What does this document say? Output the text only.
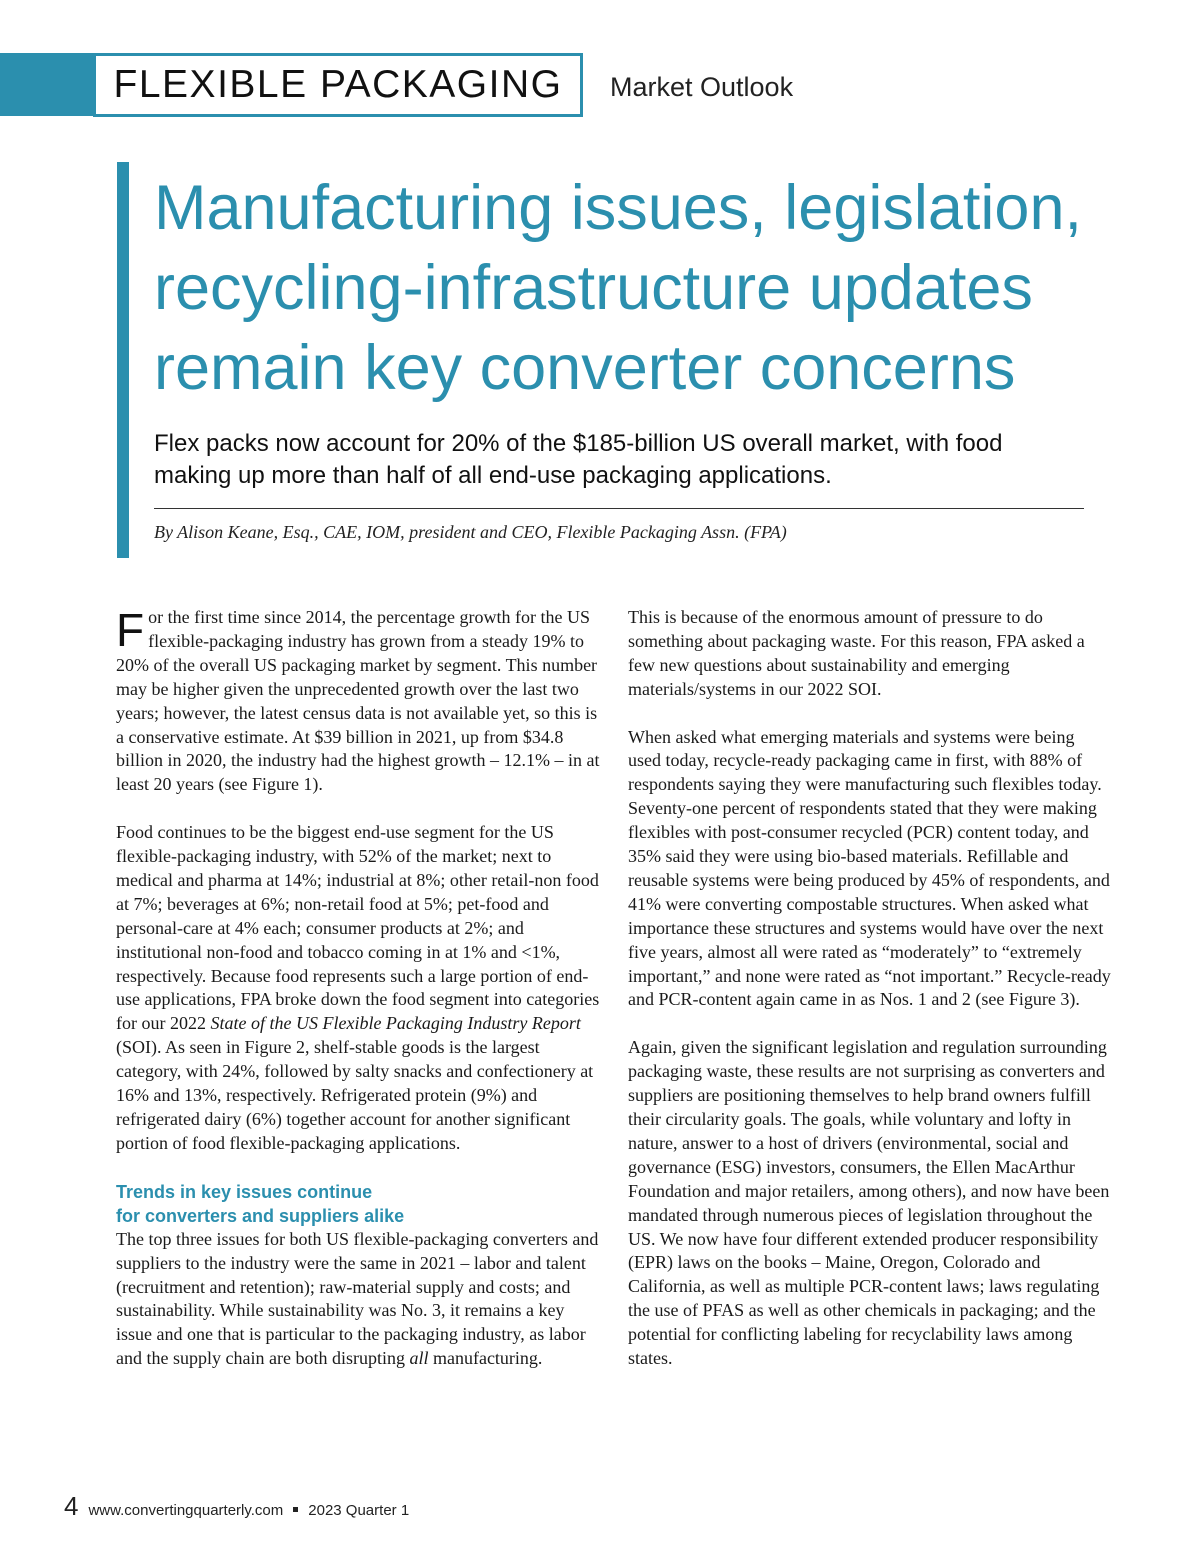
FLEXIBLE PACKAGING	Market Outlook
Manufacturing issues, legislation, recycling-infrastructure updates remain key converter concerns

Flex packs now account for 20% of the $185-billion US overall market, with food making up more than half of all end-use packaging applications.

By Alison Keane, Esq., CAE, IOM, president and CEO, Flexible Packaging Assn. (FPA)

For the first time since 2014, the percentage growth for the US flexible-packaging industry has grown from a steady 19% to 20% of the overall US packaging market by segment. This number may be higher given the unprecedented growth over the last two years; however, the latest census data is not available yet, so this is a conservative estimate. At $39 billion in 2021, up from $34.8 billion in 2020, the industry had the highest growth – 12.1% – in at least 20 years (see Figure 1).

Food continues to be the biggest end-use segment for the US flexible-packaging industry, with 52% of the market; next to medical and pharma at 14%; industrial at 8%; other retail-non food at 7%; beverages at 6%; non-retail food at 5%; pet-food and personal-care at 4% each; consumer products at 2%; and institutional non-food and tobacco coming in at 1% and <1%, respectively. Because food represents such a large portion of end-use applications, FPA broke down the food segment into categories for our 2022 State of the US Flexible Packaging Industry Report (SOI). As seen in Figure 2, shelf-stable goods is the largest category, with 24%, followed by salty snacks and confectionery at 16% and 13%, respectively. Refrigerated protein (9%) and refrigerated dairy (6%) together account for another significant portion of food flexible-packaging applications.

Trends in key issues continue
for converters and suppliers alike

The top three issues for both US flexible-packaging converters and suppliers to the industry were the same in 2021 – labor and talent (recruitment and retention); raw-material supply and costs; and sustainability. While sustainability was No. 3, it remains a key issue and one that is particular to the packaging industry, as labor and the supply chain are both disrupting all manufacturing.

This is because of the enormous amount of pressure to do something about packaging waste. For this reason, FPA asked a few new questions about sustainability and emerging materials/systems in our 2022 SOI.

When asked what emerging materials and systems were being used today, recycle-ready packaging came in first, with 88% of respondents saying they were manufacturing such flexibles today. Seventy-one percent of respondents stated that they were making flexibles with post-consumer recycled (PCR) content today, and 35% said they were using bio-based materials. Refillable and reusable systems were being produced by 45% of respondents, and 41% were converting compostable structures. When asked what importance these structures and systems would have over the next five years, almost all were rated as “moderately” to “extremely important,” and none were rated as “not important.” Recycle-ready and PCR-content again came in as Nos. 1 and 2 (see Figure 3).

Again, given the significant legislation and regulation surrounding packaging waste, these results are not surprising as converters and suppliers are positioning themselves to help brand owners fulfill their circularity goals. The goals, while voluntary and lofty in nature, answer to a host of drivers (environmental, social and governance (ESG) investors, consumers, the Ellen MacArthur Foundation and major retailers, among others), and now have been mandated through numerous pieces of legislation throughout the US. We now have four different extended producer responsibility (EPR) laws on the books – Maine, Oregon, Colorado and California, as well as multiple PCR-content laws; laws regulating the use of PFAS as well as other chemicals in packaging; and the potential for conflicting labeling for recyclability laws among states.

4 www.convertingquarterly.com 2023 Quarter 1
